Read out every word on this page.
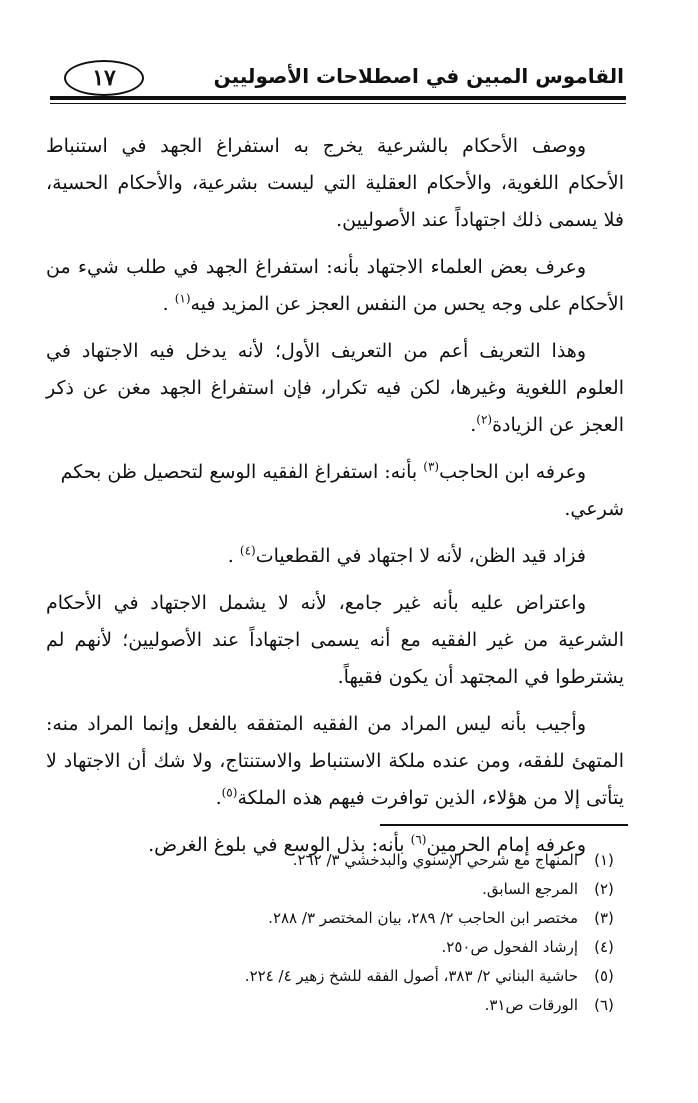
١٧	القاموس المبين في اصطلاحات الأصوليين

ووصف الأحكام بالشرعية يخرج به استفراغ الجهد في استنباط الأحكام اللغوية، والأحكام العقلية التي ليست بشرعية، والأحكام الحسية، فلا يسمى ذلك اجتهاداً عند الأصوليين.

وعرف بعض العلماء الاجتهاد بأنه: استفراغ الجهد في طلب شيء من الأحكام على وجه يحس من النفس العجز عن المزيد فيه$^{(١)}$ .

وهذا التعريف أعم من التعريف الأول؛ لأنه يدخل فيه الاجتهاد في العلوم اللغوية وغيرها، لكن فيه تكرار، فإن استفراغ الجهد مغن عن ذكر العجز عن الزيادة$^{(٢)}$.

وعرفه ابن الحاجب$^{(٣)}$ بأنه: استفراغ الفقيه الوسع لتحصيل ظن بحكم شرعي.

فزاد قيد الظن، لأنه لا اجتهاد في القطعيات$^{(٤)}$ .

واعتراض عليه بأنه غير جامع، لأنه لا يشمل الاجتهاد في الأحكام الشرعية من غير الفقيه مع أنه يسمى اجتهاداً عند الأصوليين؛ لأنهم لم يشترطوا في المجتهد أن يكون فقيهاً.

وأجيب بأنه ليس المراد من الفقيه المتفقه بالفعل وإنما المراد منه: المتهئ للفقه، ومن عنده ملكة الاستنباط والاستنتاج، ولا شك أن الاجتهاد لا يتأتى إلا من هؤلاء، الذين توافرت فيهم هذه الملكة$^{(٥)}$.

وعرفه إمام الحرمين$^{(٦)}$ بأنه: بذل الوسع في بلوغ الغرض.

(١)
المنهاج مع شرحي الإسنوي والبدخشي ٣/ ٢٦٢.
(٢)
المرجع السابق.
(٣)
مختصر ابن الحاجب ٢/ ٢٨٩، بيان المختصر ٣/ ٢٨٨.
(٤)
إرشاد الفحول ص٢٥٠.
(٥)
حاشية البناني ٢/ ٣٨٣، أصول الفقه للشخ زهير ٤/ ٢٢٤.
(٦)
الورقات ص٣١.
